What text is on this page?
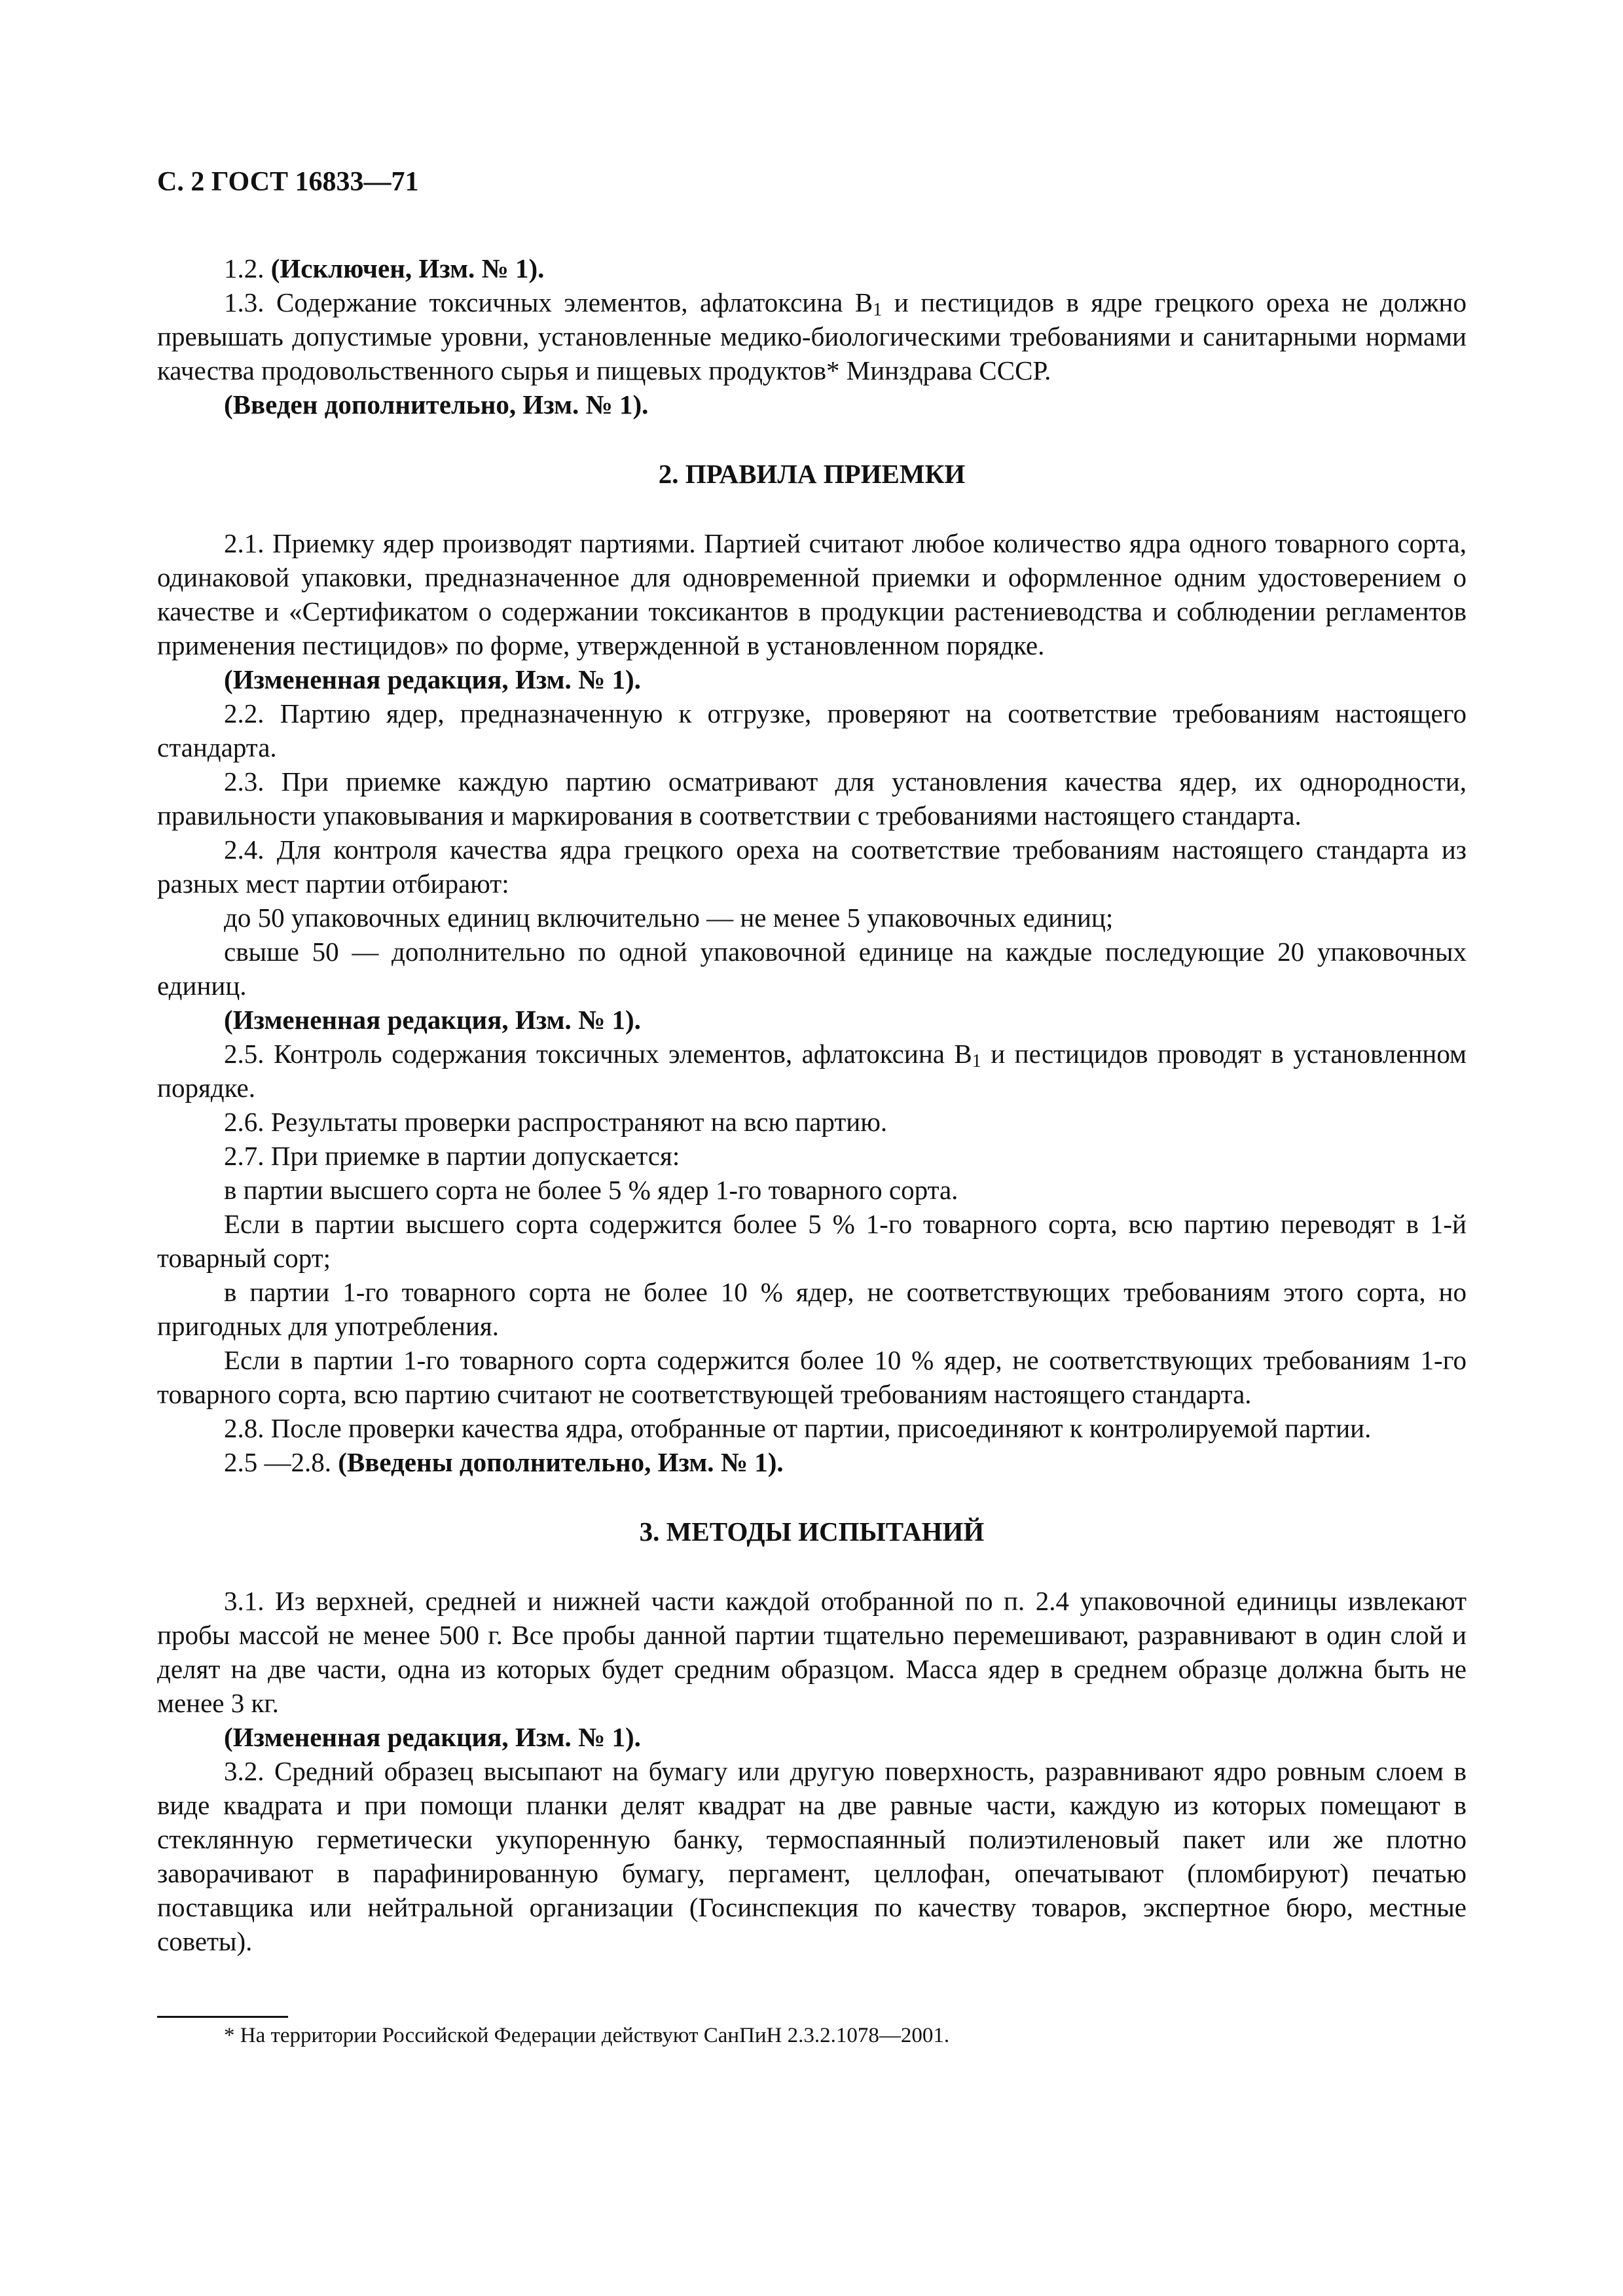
С. 2 ГОСТ 16833—71

1.2. (Исключен, Изм. № 1).

1.3. Содержание токсичных элементов, афлатоксина $B_1$ и пестицидов в ядре грецкого ореха не должно превышать допустимые уровни, установленные медико-биологическими требованиями и санитарными нормами качества продовольственного сырья и пищевых продуктов* Минздрава СССР.

(Введен дополнительно, Изм. № 1).

2. ПРАВИЛА ПРИЕМКИ

2.1. Приемку ядер производят партиями. Партией считают любое количество ядра одного товарного сорта, одинаковой упаковки, предназначенное для одновременной приемки и оформленное одним удостоверением о качестве и «Сертификатом о содержании токсикантов в продукции растениеводства и соблюдении регламентов применения пестицидов» по форме, утвержденной в установленном порядке.

(Измененная редакция, Изм. № 1).

2.2. Партию ядер, предназначенную к отгрузке, проверяют на соответствие требованиям настоящего стандарта.

2.3. При приемке каждую партию осматривают для установления качества ядер, их однородности, правильности упаковывания и маркирования в соответствии с требованиями настоящего стандарта.

2.4. Для контроля качества ядра грецкого ореха на соответствие требованиям настоящего стандарта из разных мест партии отбирают:

до 50 упаковочных единиц включительно — не менее 5 упаковочных единиц;

свыше 50 — дополнительно по одной упаковочной единице на каждые последующие 20 упаковочных единиц.

(Измененная редакция, Изм. № 1).

2.5. Контроль содержания токсичных элементов, афлатоксина $B_1$ и пестицидов проводят в установленном порядке.

2.6. Результаты проверки распространяют на всю партию.

2.7. При приемке в партии допускается:

в партии высшего сорта не более 5 % ядер 1-го товарного сорта.

Если в партии высшего сорта содержится более 5 % 1-го товарного сорта, всю партию переводят в 1-й товарный сорт;

в партии 1-го товарного сорта не более 10 % ядер, не соответствующих требованиям этого сорта, но пригодных для употребления.

Если в партии 1-го товарного сорта содержится более 10 % ядер, не соответствующих требованиям 1-го товарного сорта, всю партию считают не соответствующей требованиям настоящего стандарта.

2.8. После проверки качества ядра, отобранные от партии, присоединяют к контролируемой партии.

2.5 —2.8. (Введены дополнительно, Изм. № 1).

3. МЕТОДЫ ИСПЫТАНИЙ

3.1. Из верхней, средней и нижней части каждой отобранной по п. 2.4 упаковочной единицы извлекают пробы массой не менее 500 г. Все пробы данной партии тщательно перемешивают, разравнивают в один слой и делят на две части, одна из которых будет средним образцом. Масса ядер в среднем образце должна быть не менее 3 кг.

(Измененная редакция, Изм. № 1).

3.2. Средний образец высыпают на бумагу или другую поверхность, разравнивают ядро ровным слоем в виде квадрата и при помощи планки делят квадрат на две равные части, каждую из которых помещают в стеклянную герметически укупоренную банку, термоспаянный полиэтиленовый пакет или же плотно заворачивают в парафинированную бумагу, пергамент, целлофан, опечатывают (пломбируют) печатью поставщика или нейтральной организации (Госинспекция по качеству товаров, экспертное бюро, местные советы).

* На территории Российской Федерации действуют СанПиН 2.3.2.1078—2001.
